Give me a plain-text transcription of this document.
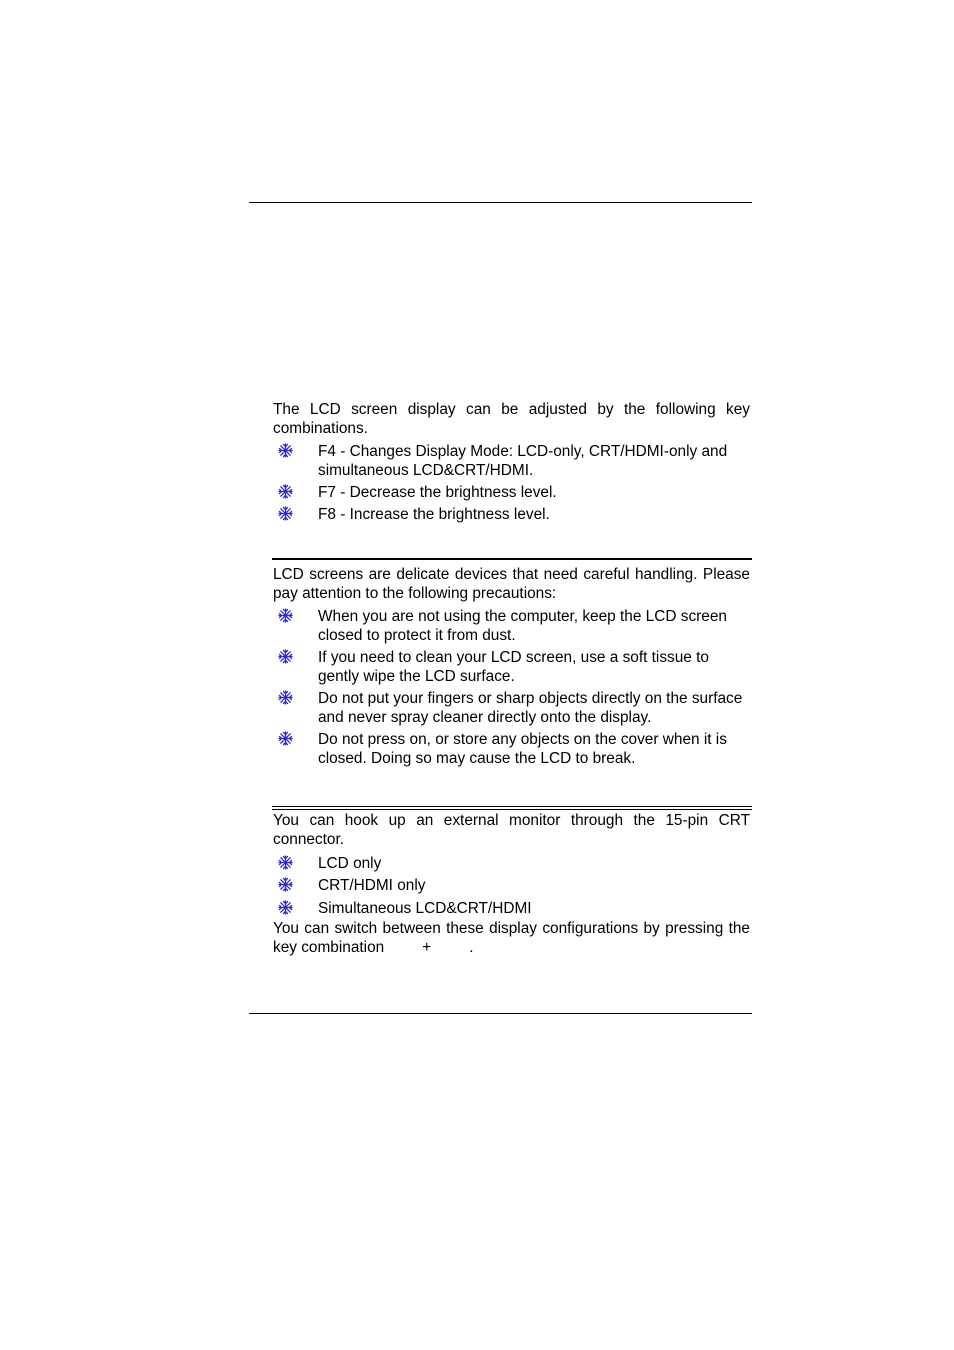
The LCD screen display can be adjusted by the following key combinations.

F4 - Changes Display Mode: LCD-only, CRT/HDMI-only and simultaneous LCD&CRT/HDMI.
F7 - Decrease the brightness level.
F8 - Increase the brightness level.

LCD screens are delicate devices that need careful handling. Please pay attention to the following precautions:

When you are not using the computer, keep the LCD screen closed to protect it from dust.
If you need to clean your LCD screen, use a soft tissue to gently wipe the LCD surface.
Do not put your fingers or sharp objects directly on the surface and never spray cleaner directly onto the display.
Do not press on, or store any objects on the cover when it is closed. Doing so may cause the LCD to break.

You can hook up an external monitor through the 15-pin CRT connector.

LCD only
CRT/HDMI only
Simultaneous LCD&CRT/HDMI

You can switch between these display configurations by pressing the key combination + .
